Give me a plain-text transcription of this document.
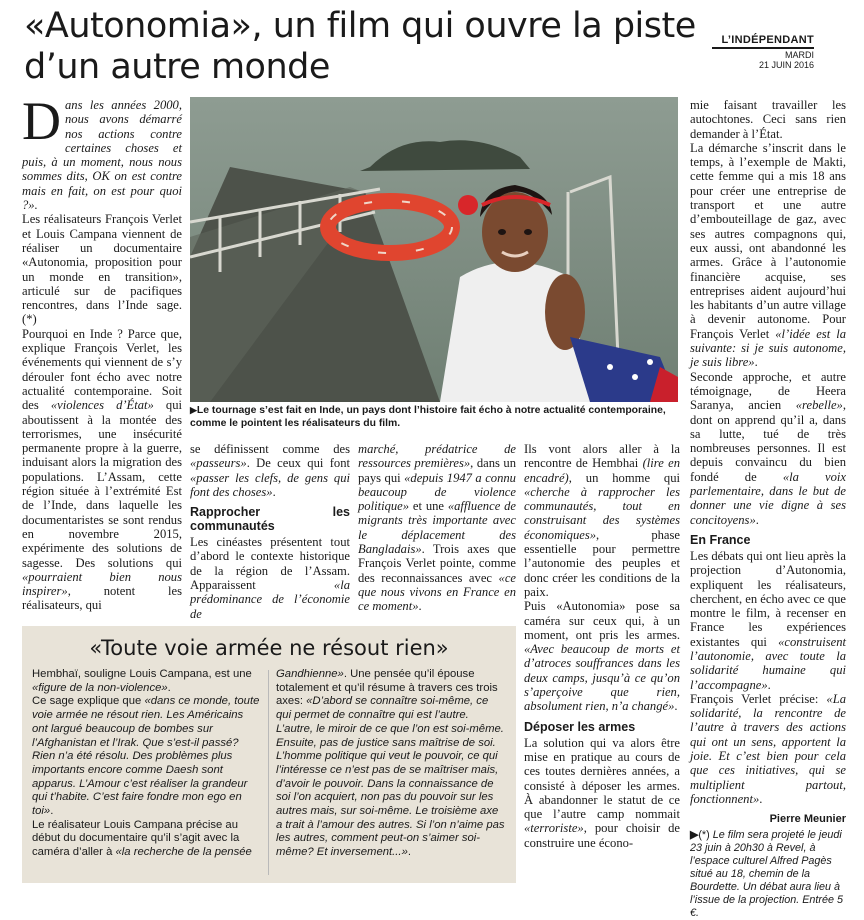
«Autonomia», un film qui ouvre la piste d’un autre monde
L’INDÉPENDANT
MARDI
21 JUIN 2016

Dans les années 2000, nous avons démarré nos actions contre certaines choses et puis, à un moment, nous nous sommes dits, OK on est contre mais en fait, on est pour quoi ?».

Les réalisateurs François Verlet et Louis Campana viennent de réaliser un documentaire «Autonomia, proposition pour un monde en transition», articulé sur de pacifiques rencontres, dans l’Inde sage. (*)

Pourquoi en Inde ? Parce que, explique François Verlet, les événements qui viennent de s’y dérouler font écho avec notre actualité contemporaine. Soit des «violences d’État» qui aboutissent à la montée des terrorismes, une insécurité permanente propre à la guerre, induisant alors la migration des populations. L’Assam, cette région située à l’extrémité Est de l’Inde, dans laquelle les documentaristes se sont rendus en novembre 2015, expérimente des solutions de sagesse. Des solutions qui «pourraient bien nous inspirer», notent les réalisateurs, qui

▶Le tournage s’est fait en Inde, un pays dont l’histoire fait écho à notre actualité contemporaine, comme le pointent les réalisateurs du film.

se définissent comme des «passeurs». De ceux qui font «passer les clefs, de gens qui font des choses».

Rapprocher les communautés

Les cinéastes présentent tout d’abord le contexte historique de la région de l’Assam. Apparaissent «la prédominance de l’économie de

marché, prédatrice de ressources premières», dans un pays qui «depuis 1947 a connu beaucoup de violence politique» et une «affluence de migrants très importante avec le déplacement des Bangladais». Trois axes que François Verlet pointe, comme des reconnaissances avec «ce que nous vivons en France en ce moment».

Ils vont alors aller à la rencontre de Hembhai (lire en encadré), un homme qui «cherche à rapprocher les communautés, tout en construisant des systèmes économiques», phase essentielle pour permettre l’autonomie des peuples et donc créer les conditions de la paix.

Puis «Autonomia» pose sa caméra sur ceux qui, à un moment, ont pris les armes. «Avec beaucoup de morts et d’atroces souffrances dans les deux camps, jusqu’à ce qu’on s’aperçoive que rien, absolument rien, n’a changé».

Déposer les armes

La solution qui va alors être mise en pratique au cours de ces toutes dernières années, a consisté à déposer les armes. À abandonner le statut de ce que l’autre camp nommait «terroriste», pour choisir de construire une écono-

mie faisant travailler les autochtones. Ceci sans rien demander à l’État.

La démarche s’inscrit dans le temps, à l’exemple de Makti, cette femme qui a mis 18 ans pour créer une entreprise de transport et une autre d’embouteillage de gaz, avec ses autres compagnons qui, eux aussi, ont abandonné les armes. Grâce à l’autonomie financière acquise, ses entreprises aident aujourd’hui les habitants d’un autre village à devenir autonome. Pour François Verlet «l’idée est la suivante: si je suis autonome, je suis libre».

Seconde approche, et autre témoignage, de Heera Saranya, ancien «rebelle», dont on apprend qu’il a, dans sa lutte, tué de très nombreuses personnes. Il est depuis convaincu du bien fondé de «la voix parlementaire, dans le but de donner une vie digne à ses concitoyens».

En France

Les débats qui ont lieu après la projection d’Autonomia, expliquent les réalisateurs, cherchent, en écho avec ce que montre le film, à recenser en France les expériences existantes qui «construisent l’autonomie, avec toute la solidarité humaine qui l’accompagne».

François Verlet précise: «La solidarité, la rencontre de l’autre à travers des actions qui ont un sens, apportent la joie. Et c’est bien pour cela que ces initiatives, qui se multiplient partout, fonctionnent».

Pierre Meunier

▶(*) Le film sera projeté le jeudi 23 juin à 20h30 à Revel, à l’espace culturel Alfred Pagès situé au 18, chemin de la Bourdette. Un débat aura lieu à l’issue de la projection. Entrée 5 €.

«Toute voie armée ne résout rien»

Hembhaï, souligne Louis Campana, est une «figure de la non-violence».

Ce sage explique que «dans ce monde, toute voie armée ne résout rien. Les Américains ont largué beaucoup de bombes sur l’Afghanistan et l’Irak. Que s’est-il passé? Rien n’a été résolu. Des problèmes plus importants encore comme Daesh sont apparus. L’Amour c’est réaliser la grandeur qui t’habite. C’est faire fondre mon ego en toi».

Le réalisateur Louis Campana précise au début du documentaire qu’il s’agit avec la caméra d’aller à «la recherche de la pensée

Gandhienne». Une pensée qu’il épouse totalement et qu’il résume à travers ces trois axes: «D’abord se connaître soi-même, ce qui permet de connaître qui est l’autre. L’autre, le miroir de ce que l’on est soi-même. Ensuite, pas de justice sans maîtrise de soi. L’homme politique qui veut le pouvoir, ce qui l’intéresse ce n’est pas de se maîtriser mais, d’avoir le pouvoir. Dans la connaissance de soi l’on acquiert, non pas du pouvoir sur les autres mais, sur soi-même. Le troisième axe a trait à l’amour des autres. Si l’on n’aime pas les autres, comment peut-on s’aimer soi-même? Et inversement...».
